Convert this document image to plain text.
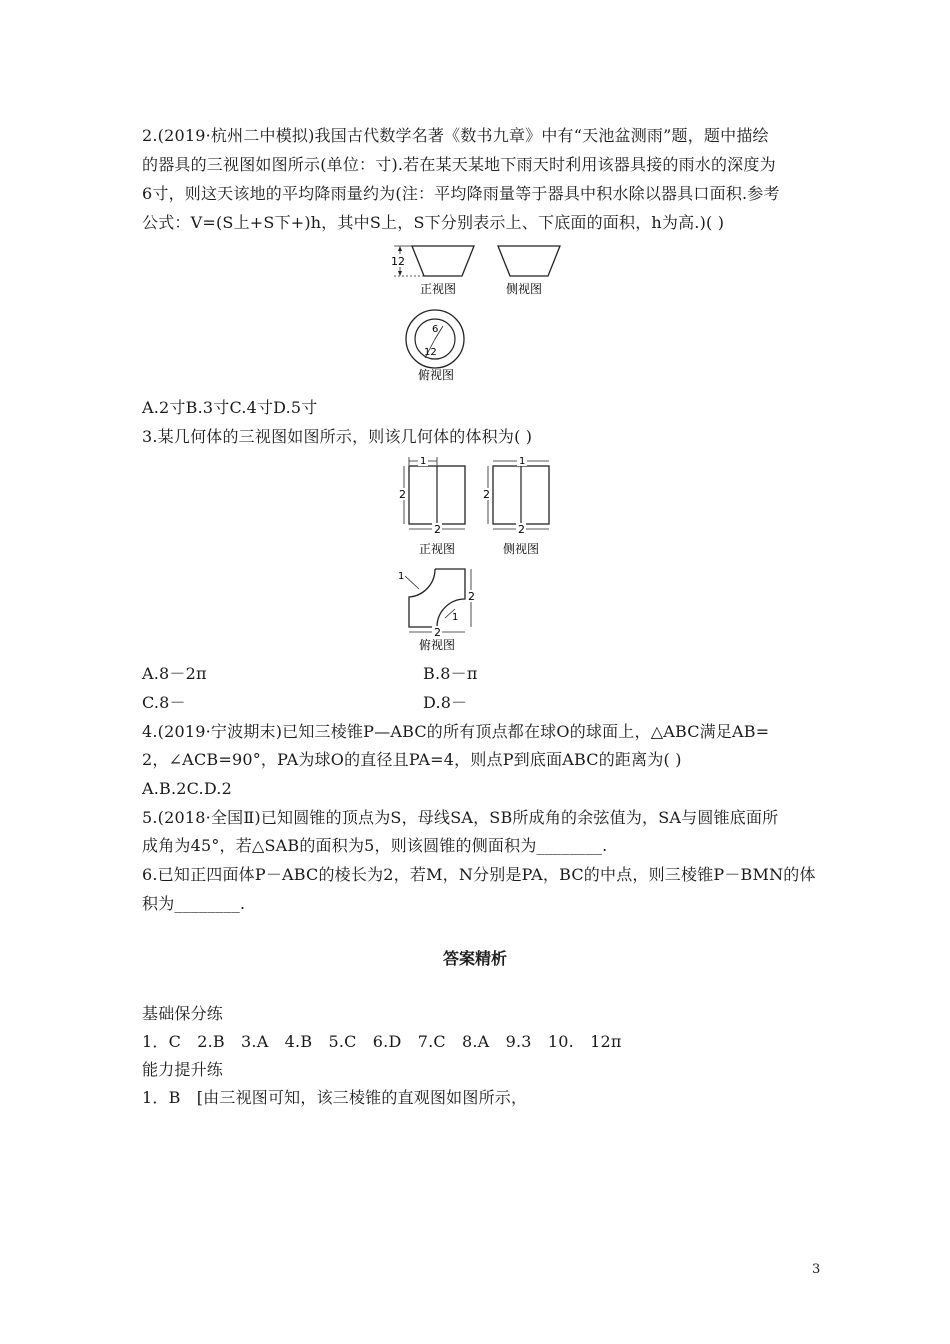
2.(2019·杭州二中模拟)我国古代数学名著《数书九章》中有“天池盆测雨”题，题中描绘
的器具的三视图如图所示(单位：寸).若在某天某地下雨天时利用该器具接的雨水的深度为
6寸，则这天该地的平均降雨量约为(注：平均降雨量等于器具中积水除以器具口面积.参考
公式：V=(S上+S下+)h，其中S上，S下分别表示上、下底面的面积，h为高.)( )
12
正视图	侧视图
6
12
俯视图
A.2寸B.3寸C.4寸D.5寸
3.某几何体的三视图如图所示，则该几何体的体积为( )
1
2
2
正视图
1
2
2
侧视图
1
1
2
2
俯视图
A.8－2π	B.8－π
C.8－	D.8－
4.(2019·宁波期末)已知三棱锥P—ABC的所有顶点都在球O的球面上，△ABC满足AB=
2，∠ACB=90°，PA为球O的直径且PA=4，则点P到底面ABC的距离为( )
A.B.2C.D.2
5.(2018·全国Ⅱ)已知圆锥的顶点为S，母线SA，SB所成角的余弦值为，SA与圆锥底面所
成角为45°，若△SAB的面积为5，则该圆锥的侧面积为________.
6.已知正四面体P－ABC的棱长为2，若M，N分别是PA，BC的中点，则三棱锥P－BMN的体
积为________.
答案精析
基础保分练
1．C　2.B　3.A　4.B　5.C　6.D　7.C　8.A　9.3　10.　12π
能力提升练
1．B　[由三视图可知，该三棱锥的直观图如图所示，
3
